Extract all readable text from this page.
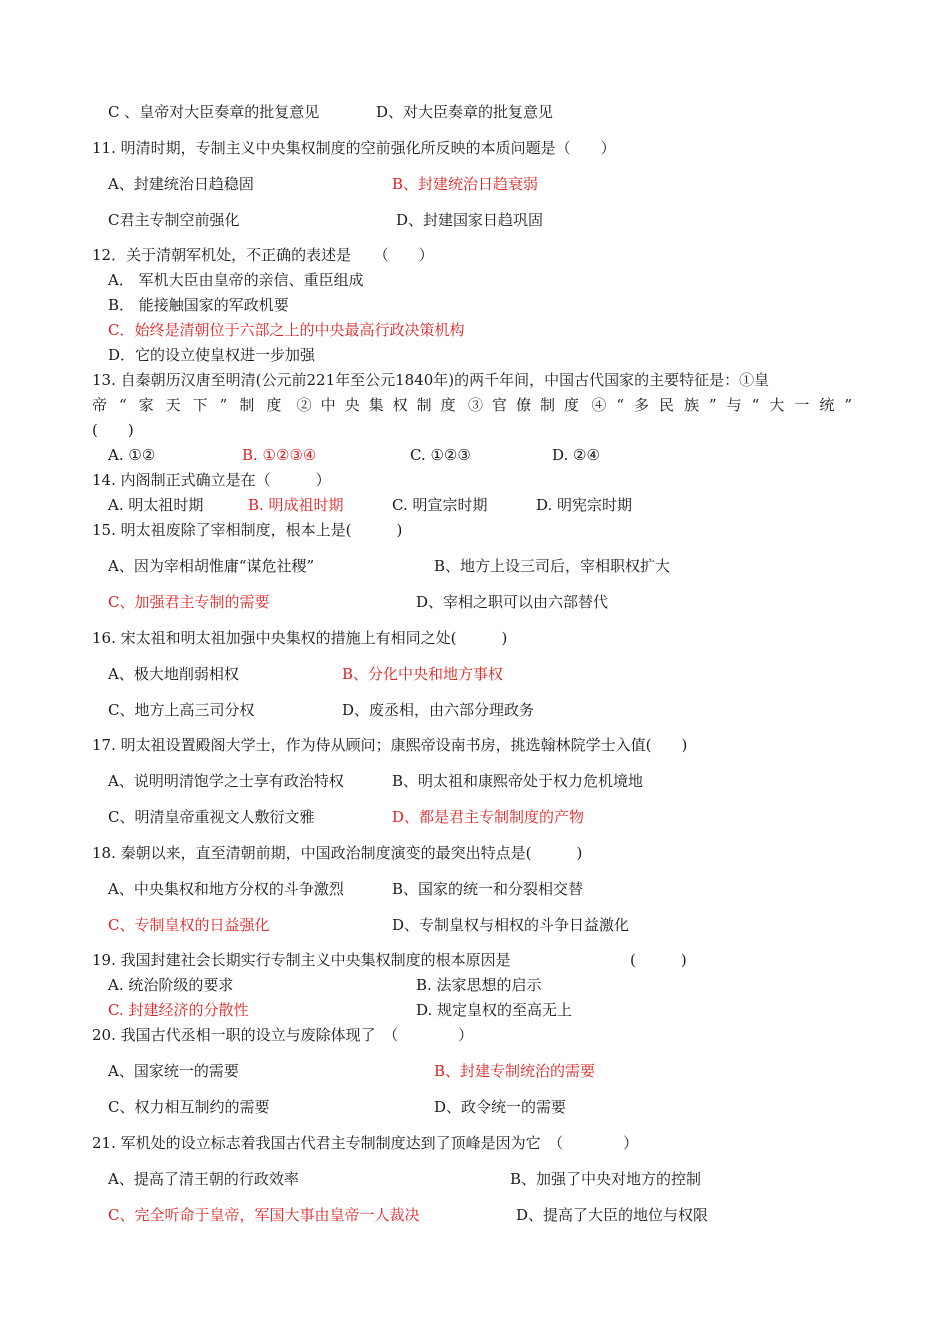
C 、皇帝对大臣奏章的批复意见	D、对大臣奏章的批复意见
11. 明清时期，专制主义中央集权制度的空前强化所反映的本质问题是（　　）
A、封建统治日趋稳固	B、封建统治日趋衰弱
C君主专制空前强化	D、封建国家日趋巩固
12．关于清朝军机处，不正确的表述是　　（　　）
A． 军机大臣由皇帝的亲信、重臣组成
B． 能接触国家的军政机要
C．始终是清朝位于六部之上的中央最高行政决策机构
D．它的设立使皇权进一步加强
13. 自秦朝历汉唐至明清(公元前221年至公元1840年)的两千年间，中国古代国家的主要特征是：①皇
帝“家天下”制度 ②中央集权制度 ③官僚制度 ④“多民族”与“大一统”
(　　)
A. ①②	B. ①②③④	C. ①②③	D. ②④
14. 内阁制正式确立是在（　　　）
A. 明太祖时期	B. 明成祖时期	C. 明宣宗时期	D. 明宪宗时期
15. 明太祖废除了宰相制度，根本上是(　　　)
A、因为宰相胡惟庸“谋危社稷”	B、地方上设三司后，宰相职权扩大
C、加强君主专制的需要	D、宰相之职可以由六部替代
16. 宋太祖和明太祖加强中央集权的措施上有相同之处(　　　)
A、极大地削弱相权	B、分化中央和地方事权
C、地方上高三司分权	D、废丞相，由六部分理政务
17. 明太祖设置殿阁大学士，作为侍从顾问；康熙帝设南书房，挑选翰林院学士入值(　　)
A、说明明清饱学之士享有政治特权	B、明太祖和康熙帝处于权力危机境地
C、明清皇帝重视文人敷衍文雅	D、都是君主专制制度的产物
18. 秦朝以来，直至清朝前期，中国政治制度演变的最突出特点是(　　　)
A、中央集权和地方分权的斗争激烈	B、国家的统一和分裂相交替
C、专制皇权的日益强化	D、专制皇权与相权的斗争日益激化
19. 我国封建社会长期实行专制主义中央集权制度的根本原因是	(　　　)
A. 统治阶级的要求	B. 法家思想的启示
C. 封建经济的分散性	D. 规定皇权的至高无上
20. 我国古代丞相一职的设立与废除体现了　（　　　　）
A、国家统一的需要	B、封建专制统治的需要
C、权力相互制约的需要	D、政令统一的需要
21. 军机处的设立标志着我国古代君主专制制度达到了顶峰是因为它　（　　　　）
A、提高了清王朝的行政效率	B、加强了中央对地方的控制
C、完全听命于皇帝，军国大事由皇帝一人裁决	D、提高了大臣的地位与权限
